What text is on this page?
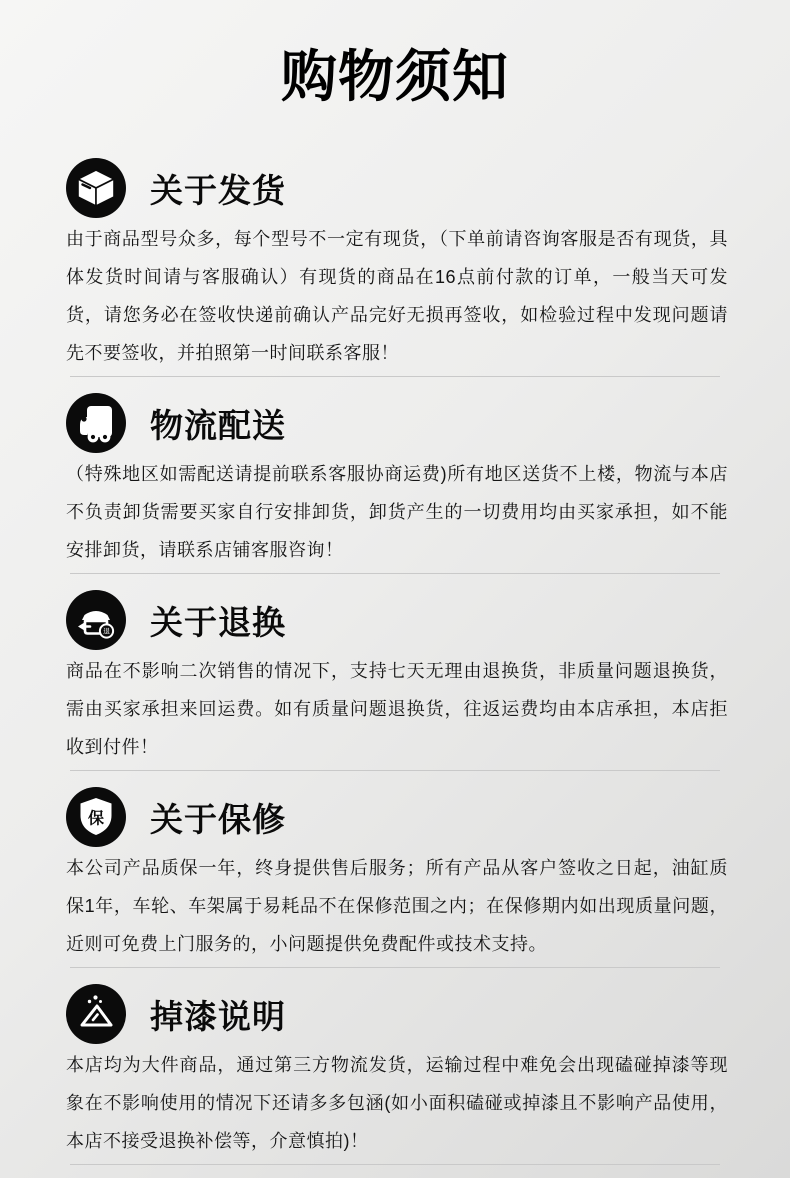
购物须知
关于发货

由于商品型号众多，每个型号不一定有现货，（下单前请咨询客服是否有现货，具体发货时间请与客服确认）有现货的商品在16点前付款的订单，一般当天可发货，请您务必在签收快递前确认产品完好无损再签收，如检验过程中发现问题请先不要签收，并拍照第一时间联系客服！

物流配送

（特殊地区如需配送请提前联系客服协商运费)所有地区送货不上楼，物流与本店不负责卸货需要买家自行安排卸货，卸货产生的一切费用均由买家承担，如不能安排卸货，请联系店铺客服咨询！

退 关于退换

商品在不影响二次销售的情况下，支持七天无理由退换货，非质量问题退换货，需由买家承担来回运费。如有质量问题退换货，往返运费均由本店承担，本店拒收到付件！

保 关于保修

本公司产品质保一年，终身提供售后服务；所有产品从客户签收之日起，油缸质保1年，车轮、车架属于易耗品不在保修范围之内；在保修期内如出现质量问题，近则可免费上门服务的，小问题提供免费配件或技术支持。

掉漆说明

本店均为大件商品，通过第三方物流发货，运输过程中难免会出现磕碰掉漆等现象在不影响使用的情况下还请多多包涵(如小面积磕碰或掉漆且不影响产品使用，本店不接受退换补偿等，介意慎拍)！
